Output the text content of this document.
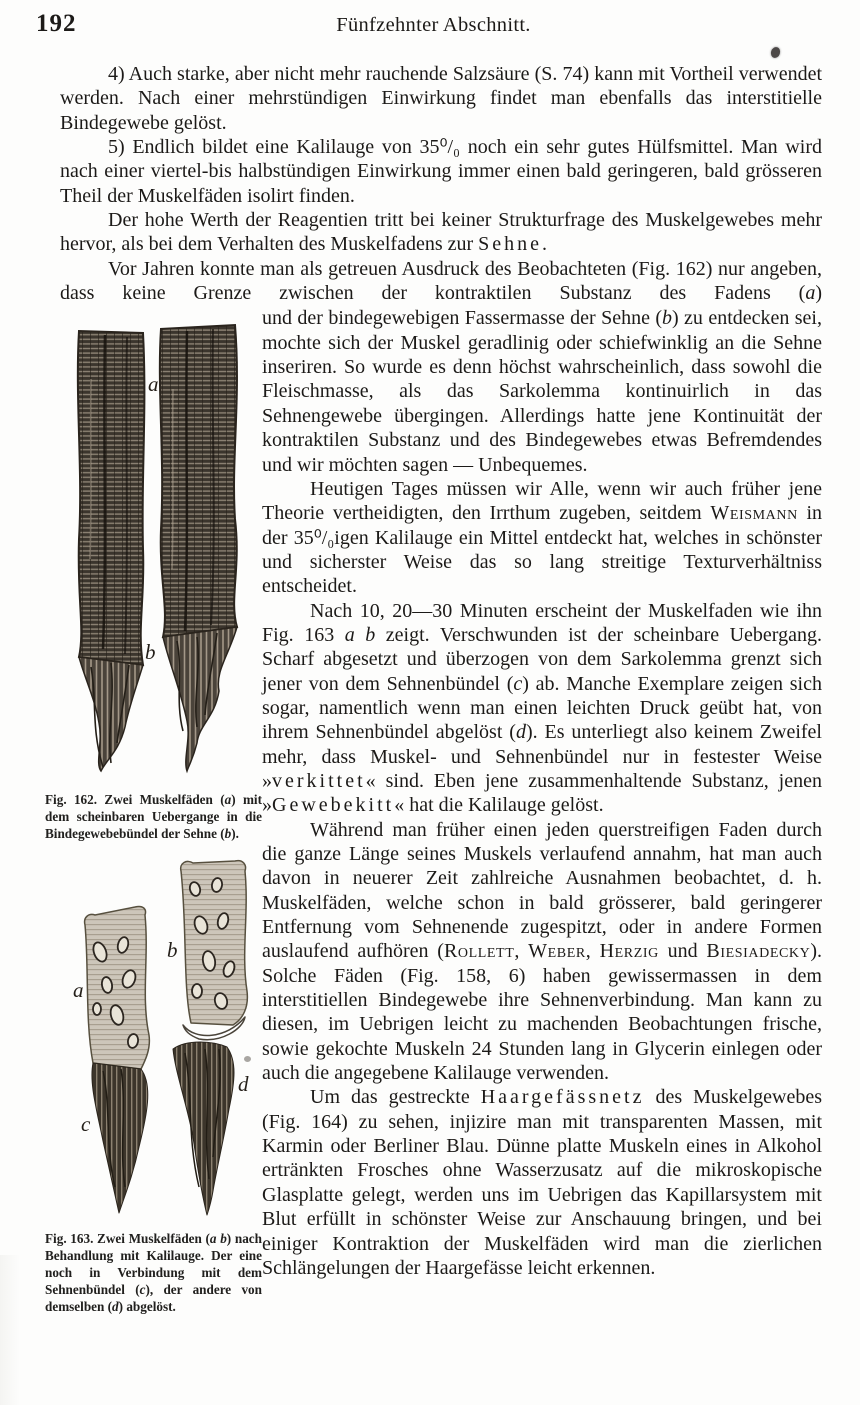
192	Fünfzehnter Abschnitt.

4) Auch starke, aber nicht mehr rauchende Salzsäure (S. 74) kann mit Vortheil verwendet werden. Nach einer mehrstündigen Einwirkung findet man ebenfalls das interstitielle Bindegewebe gelöst.

5) Endlich bildet eine Kalilauge von 35⁰/₀ noch ein sehr gutes Hülfsmittel. Man wird nach einer viertel-bis halbstündigen Einwirkung immer einen bald geringeren, bald grösseren Theil der Muskelfäden isolirt finden.

Der hohe Werth der Reagentien tritt bei keiner Strukturfrage des Muskelgewebes mehr hervor, als bei dem Verhalten des Muskelfadens zur Sehne.

Vor Jahren konnte man als getreuen Ausdruck des Beobachteten (Fig. 162) nur angeben, dass keine Grenze zwischen der kontraktilen Substanz des Fadens (a)

a
b

Fig. 162. Zwei Muskelfäden (a) mit dem scheinbaren Uebergange in die Bindegewebebündel der Sehne (b).

a
b
c
d

Fig. 163. Zwei Muskelfäden (a b) nach Behandlung mit Kalilauge. Der eine noch in Verbindung mit dem Sehnenbündel (c), der andere von demselben (d) abgelöst.

und der bindegewebigen Fassermasse der Sehne (b) zu entdecken sei, mochte sich der Muskel geradlinig oder schiefwinklig an die Sehne inseriren. So wurde es denn höchst wahrscheinlich, dass sowohl die Fleischmasse, als das Sarkolemma kontinuirlich in das Sehnengewebe übergingen. Allerdings hatte jene Kontinuität der kontraktilen Substanz und des Bindegewebes etwas Befremdendes und wir möchten sagen — Unbequemes.

Heutigen Tages müssen wir Alle, wenn wir auch früher jene Theorie vertheidigten, den Irrthum zugeben, seitdem Weismann in der 35⁰/₀igen Kalilauge ein Mittel entdeckt hat, welches in schönster und sicherster Weise das so lang streitige Texturverhältniss entscheidet.

Nach 10, 20—30 Minuten erscheint der Muskelfaden wie ihn Fig. 163 a b zeigt. Verschwunden ist der scheinbare Uebergang. Scharf abgesetzt und überzogen von dem Sarkolemma grenzt sich jener von dem Sehnenbündel (c) ab. Manche Exemplare zeigen sich sogar, namentlich wenn man einen leichten Druck geübt hat, von ihrem Sehnenbündel abgelöst (d). Es unterliegt also keinem Zweifel mehr, dass Muskel- und Sehnenbündel nur in festester Weise »verkittet« sind. Eben jene zusammenhaltende Substanz, jenen »Gewebekitt« hat die Kalilauge gelöst.

Während man früher einen jeden querstreifigen Faden durch die ganze Länge seines Muskels verlaufend annahm, hat man auch davon in neuerer Zeit zahlreiche Ausnahmen beobachtet, d. h. Muskelfäden, welche schon in bald grösserer, bald geringerer Entfernung vom Sehnenende zugespitzt, oder in andere Formen auslaufend aufhören (Rollett, Weber, Herzig und Biesiadecky). Solche Fäden (Fig. 158, 6) haben gewissermassen in dem interstitiellen Bindegewebe ihre Sehnenverbindung. Man kann zu diesen, im Uebrigen leicht zu machenden Beobachtungen frische, sowie gekochte Muskeln 24 Stunden lang in Glycerin einlegen oder auch die angegebene Kalilauge verwenden.

Um das gestreckte Haargefässnetz des Muskelgewebes (Fig. 164) zu sehen, injizire man mit transparenten Massen, mit Karmin oder Berliner Blau. Dünne platte Muskeln eines in Alkohol ertränkten Frosches ohne Wasserzusatz auf die mikroskopische Glasplatte gelegt, werden uns im Uebrigen das Kapillarsystem mit Blut erfüllt in schönster Weise zur Anschauung bringen, und bei einiger Kontraktion der Muskelfäden wird man die zierlichen Schlängelungen der Haargefässe leicht erkennen.
